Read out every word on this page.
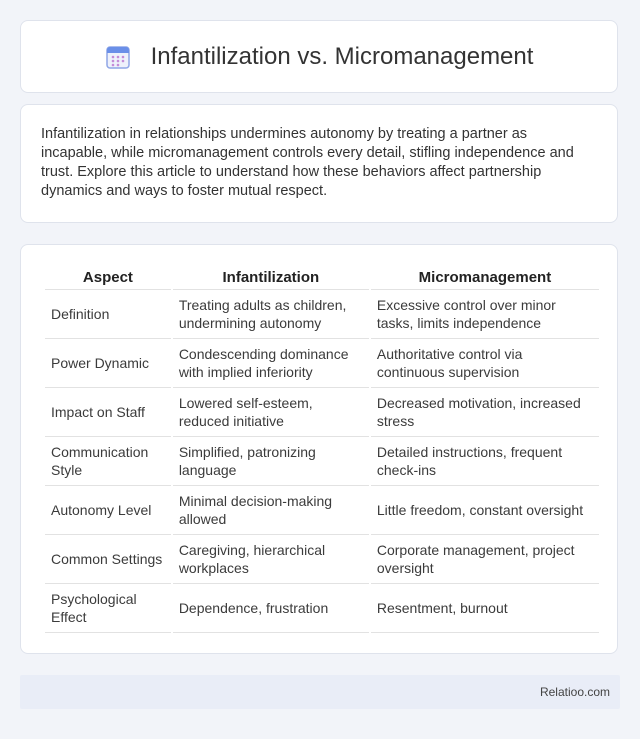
Infantilization vs. Micromanagement

Infantilization in relationships undermines autonomy by treating a partner as incapable, while micromanagement controls every detail, stifling independence and trust. Explore this article to understand how these behaviors affect partnership dynamics and ways to foster mutual respect.

Aspect	Infantilization	Micromanagement
Definition	Treating adults as children, undermining autonomy	Excessive control over minor tasks, limits independence
Power Dynamic	Condescending dominance with implied inferiority	Authoritative control via continuous supervision
Impact on Staff	Lowered self-esteem, reduced initiative	Decreased motivation, increased stress
Communication Style	Simplified, patronizing language	Detailed instructions, frequent check-ins
Autonomy Level	Minimal decision-making allowed	Little freedom, constant oversight
Common Settings	Caregiving, hierarchical workplaces	Corporate management, project oversight
Psychological Effect	Dependence, frustration	Resentment, burnout
Relatioo.com
